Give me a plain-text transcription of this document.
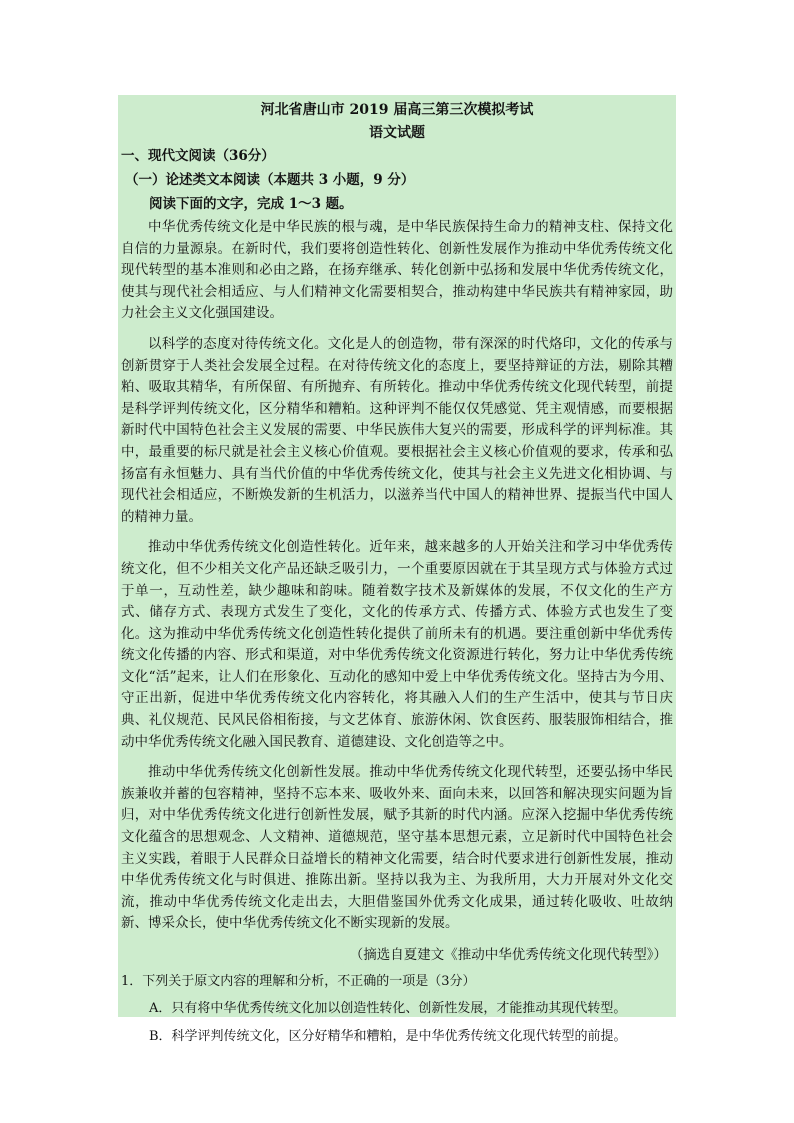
河北省唐山市 2019 届高三第三次模拟考试
语文试题
一、现代文阅读（36分）
（一）论述类文本阅读（本题共 3 小题，9 分）
阅读下面的文字，完成 1～3 题。

中华优秀传统文化是中华民族的根与魂，是中华民族保持生命力的精神支柱、保持文化自信的力量源泉。在新时代，我们要将创造性转化、创新性发展作为推动中华优秀传统文化现代转型的基本准则和必由之路，在扬弃继承、转化创新中弘扬和发展中华优秀传统文化，使其与现代社会相适应、与人们精神文化需要相契合，推动构建中华民族共有精神家园，助力社会主义文化强国建设。

以科学的态度对待传统文化。文化是人的创造物，带有深深的时代烙印，文化的传承与创新贯穿于人类社会发展全过程。在对待传统文化的态度上，要坚持辩证的方法，剔除其糟粕、吸取其精华，有所保留、有所抛弃、有所转化。推动中华优秀传统文化现代转型，前提是科学评判传统文化，区分精华和糟粕。这种评判不能仅仅凭感觉、凭主观情感，而要根据新时代中国特色社会主义发展的需要、中华民族伟大复兴的需要，形成科学的评判标准。其中，最重要的标尺就是社会主义核心价值观。要根据社会主义核心价值观的要求，传承和弘扬富有永恒魅力、具有当代价值的中华优秀传统文化，使其与社会主义先进文化相协调、与现代社会相适应，不断焕发新的生机活力，以滋养当代中国人的精神世界、提振当代中国人的精神力量。

推动中华优秀传统文化创造性转化。近年来，越来越多的人开始关注和学习中华优秀传统文化，但不少相关文化产品还缺乏吸引力，一个重要原因就在于其呈现方式与体验方式过于单一，互动性差，缺少趣味和韵味。随着数字技术及新媒体的发展，不仅文化的生产方式、储存方式、表现方式发生了变化，文化的传承方式、传播方式、体验方式也发生了变化。这为推动中华优秀传统文化创造性转化提供了前所未有的机遇。要注重创新中华优秀传统文化传播的内容、形式和渠道，对中华优秀传统文化资源进行转化，努力让中华优秀传统文化“活”起来，让人们在形象化、互动化的感知中爱上中华优秀传统文化。坚持古为今用、守正出新，促进中华优秀传统文化内容转化，将其融入人们的生产生活中，使其与节日庆典、礼仪规范、民风民俗相衔接，与文艺体育、旅游休闲、饮食医药、服装服饰相结合，推动中华优秀传统文化融入国民教育、道德建设、文化创造等之中。

推动中华优秀传统文化创新性发展。推动中华优秀传统文化现代转型，还要弘扬中华民族兼收并蓄的包容精神，坚持不忘本来、吸收外来、面向未来，以回答和解决现实问题为旨归，对中华优秀传统文化进行创新性发展，赋予其新的时代内涵。应深入挖掘中华优秀传统文化蕴含的思想观念、人文精神、道德规范，坚守基本思想元素，立足新时代中国特色社会主义实践，着眼于人民群众日益增长的精神文化需要，结合时代要求进行创新性发展，推动中华优秀传统文化与时俱进、推陈出新。坚持以我为主、为我所用，大力开展对外文化交流，推动中华优秀传统文化走出去，大胆借鉴国外优秀文化成果，通过转化吸收、吐故纳新、博采众长，使中华优秀传统文化不断实现新的发展。

（摘选自夏建文《推动中华优秀传统文化现代转型》）
1．下列关于原文内容的理解和分析，不正确的一项是（3分）
A．只有将中华优秀传统文化加以创造性转化、创新性发展，才能推动其现代转型。
B．科学评判传统文化，区分好精华和糟粕，是中华优秀传统文化现代转型的前提。
